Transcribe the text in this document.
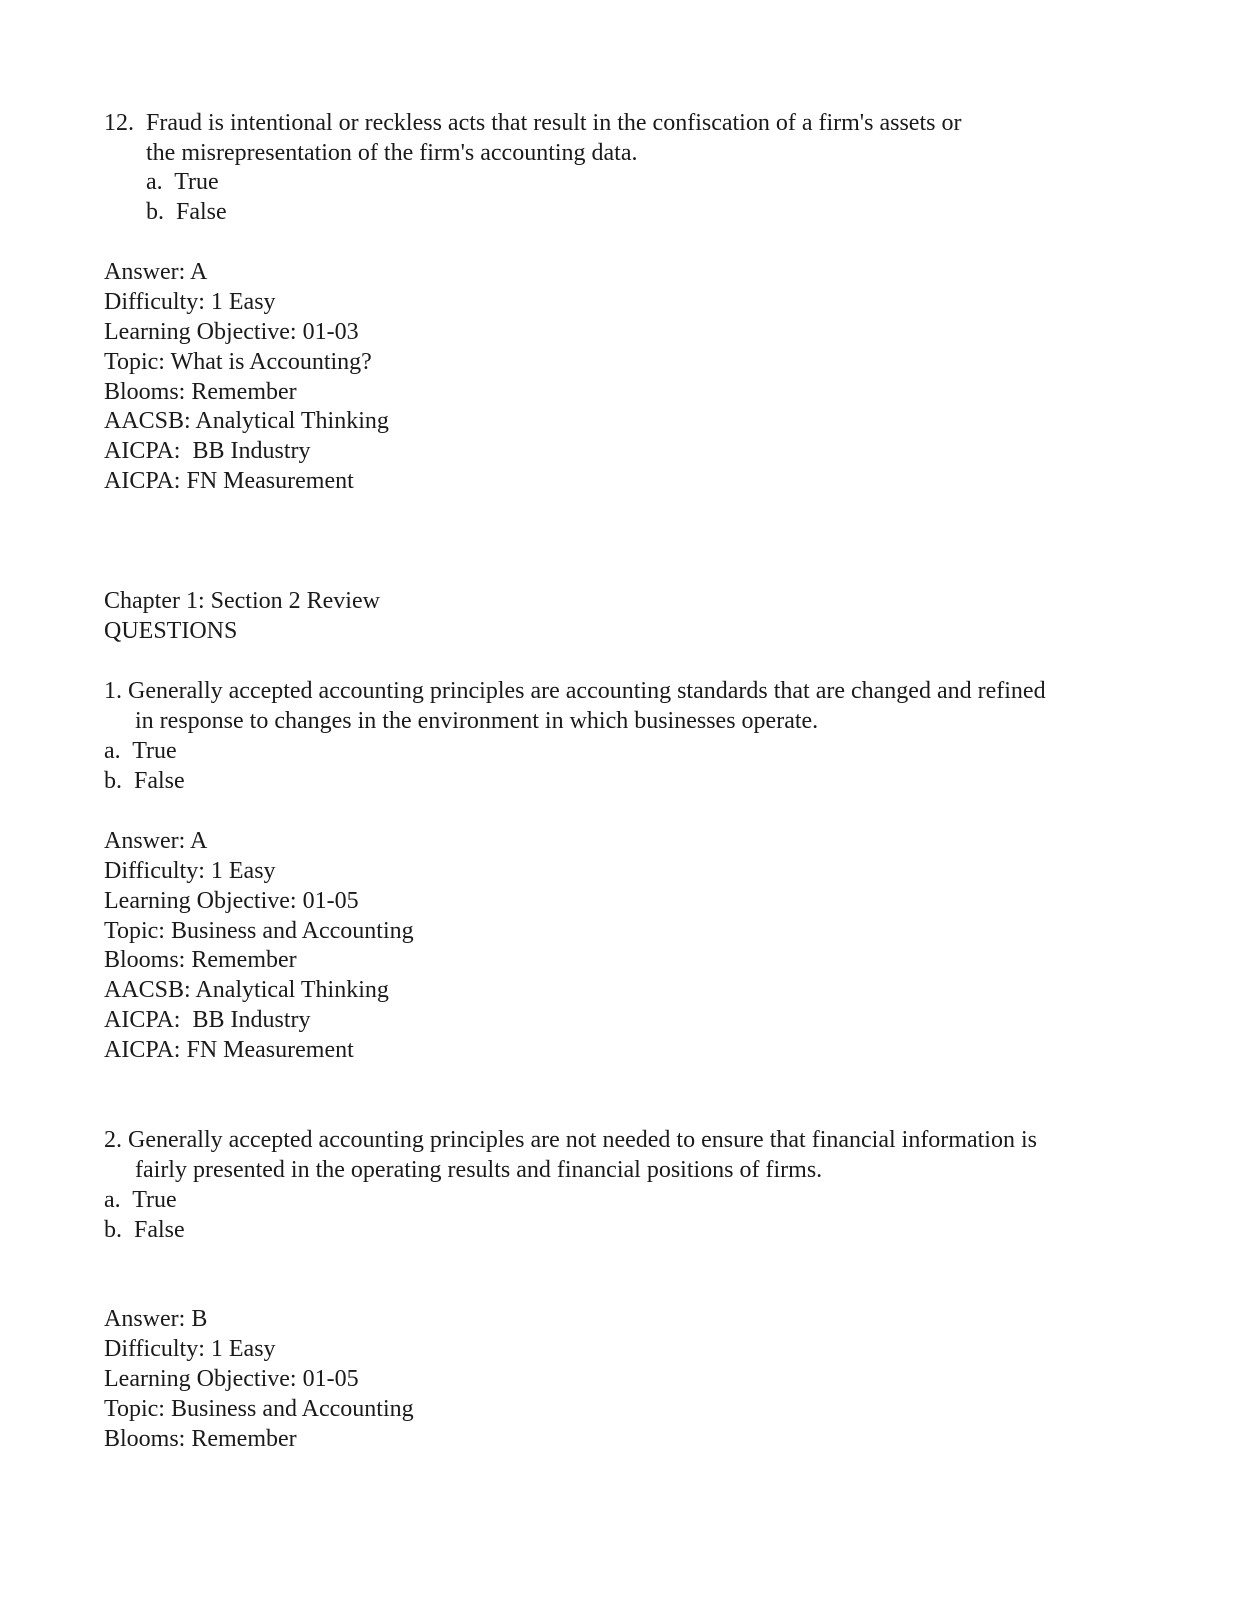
12. Fraud is intentional or reckless acts that result in the confiscation of a firm's assets or
the misrepresentation of the firm's accounting data.
a.  True
b.  False
Answer: A
Difficulty: 1 Easy
Learning Objective: 01-03
Topic: What is Accounting?
Blooms: Remember
AACSB: Analytical Thinking
AICPA:  BB Industry
AICPA: FN Measurement
Chapter 1: Section 2 Review
QUESTIONS
1. Generally accepted accounting principles are accounting standards that are changed and refined
in response to changes in the environment in which businesses operate.
a.  True
b.  False
Answer: A
Difficulty: 1 Easy
Learning Objective: 01-05
Topic: Business and Accounting
Blooms: Remember
AACSB: Analytical Thinking
AICPA:  BB Industry
AICPA: FN Measurement
2. Generally accepted accounting principles are not needed to ensure that financial information is
fairly presented in the operating results and financial positions of firms.
a.  True
b.  False
Answer: B
Difficulty: 1 Easy
Learning Objective: 01-05
Topic: Business and Accounting
Blooms: Remember
